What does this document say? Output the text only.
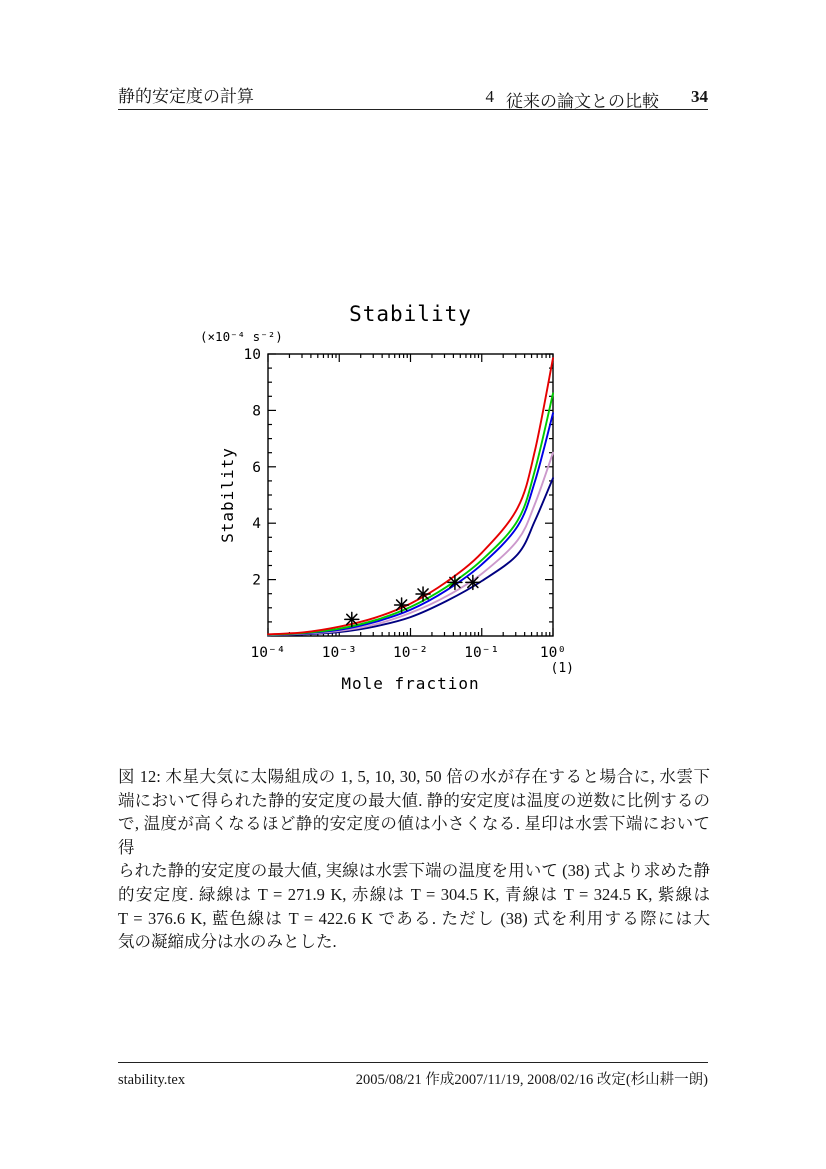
静的安定度の計算	4 従来の論文との比較 34
Stability
(×10⁻⁴ s⁻²)
Stability
Mole fraction
(1)
10⁻⁴	10⁻³	10⁻²	10⁻¹	10⁰
2
4
6
8
10
図 12: 木星大気に太陽組成の 1, 5, 10, 30, 50 倍の水が存在すると場合に, 水雲下
端において得られた静的安定度の最大値. 静的安定度は温度の逆数に比例するの
で, 温度が高くなるほど静的安定度の値は小さくなる. 星印は水雲下端において得
られた静的安定度の最大値, 実線は水雲下端の温度を用いて (38) 式より求めた静
的安定度. 緑線は T = 271.9 K, 赤線は T = 304.5 K, 青線は T = 324.5 K, 紫線は
T = 376.6 K, 藍色線は T = 422.6 K である. ただし (38) 式を利用する際には大
気の凝縮成分は水のみとした.
stability.tex	2005/08/21 作成2007/11/19, 2008/02/16 改定(杉山耕一朗)
